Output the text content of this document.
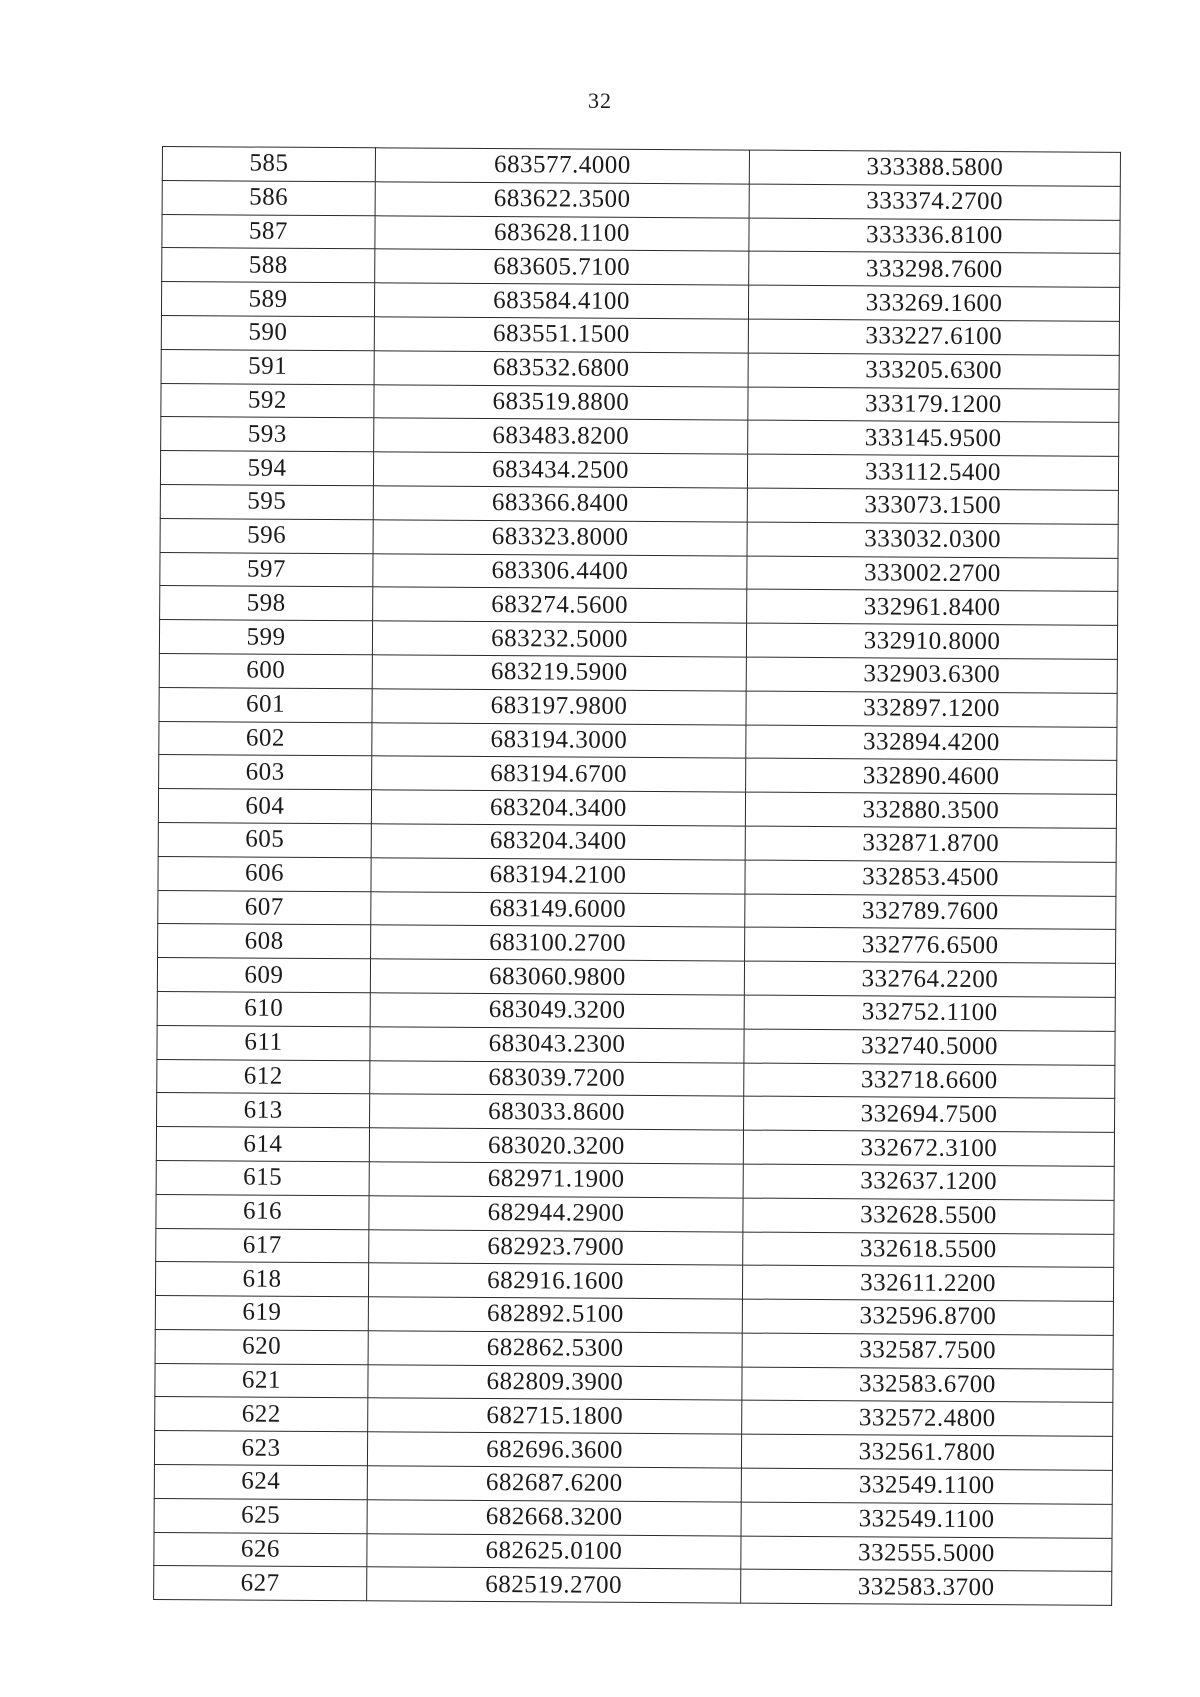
32
585	683577.4000	333388.5800
586	683622.3500	333374.2700
587	683628.1100	333336.8100
588	683605.7100	333298.7600
589	683584.4100	333269.1600
590	683551.1500	333227.6100
591	683532.6800	333205.6300
592	683519.8800	333179.1200
593	683483.8200	333145.9500
594	683434.2500	333112.5400
595	683366.8400	333073.1500
596	683323.8000	333032.0300
597	683306.4400	333002.2700
598	683274.5600	332961.8400
599	683232.5000	332910.8000
600	683219.5900	332903.6300
601	683197.9800	332897.1200
602	683194.3000	332894.4200
603	683194.6700	332890.4600
604	683204.3400	332880.3500
605	683204.3400	332871.8700
606	683194.2100	332853.4500
607	683149.6000	332789.7600
608	683100.2700	332776.6500
609	683060.9800	332764.2200
610	683049.3200	332752.1100
611	683043.2300	332740.5000
612	683039.7200	332718.6600
613	683033.8600	332694.7500
614	683020.3200	332672.3100
615	682971.1900	332637.1200
616	682944.2900	332628.5500
617	682923.7900	332618.5500
618	682916.1600	332611.2200
619	682892.5100	332596.8700
620	682862.5300	332587.7500
621	682809.3900	332583.6700
622	682715.1800	332572.4800
623	682696.3600	332561.7800
624	682687.6200	332549.1100
625	682668.3200	332549.1100
626	682625.0100	332555.5000
627	682519.2700	332583.3700
